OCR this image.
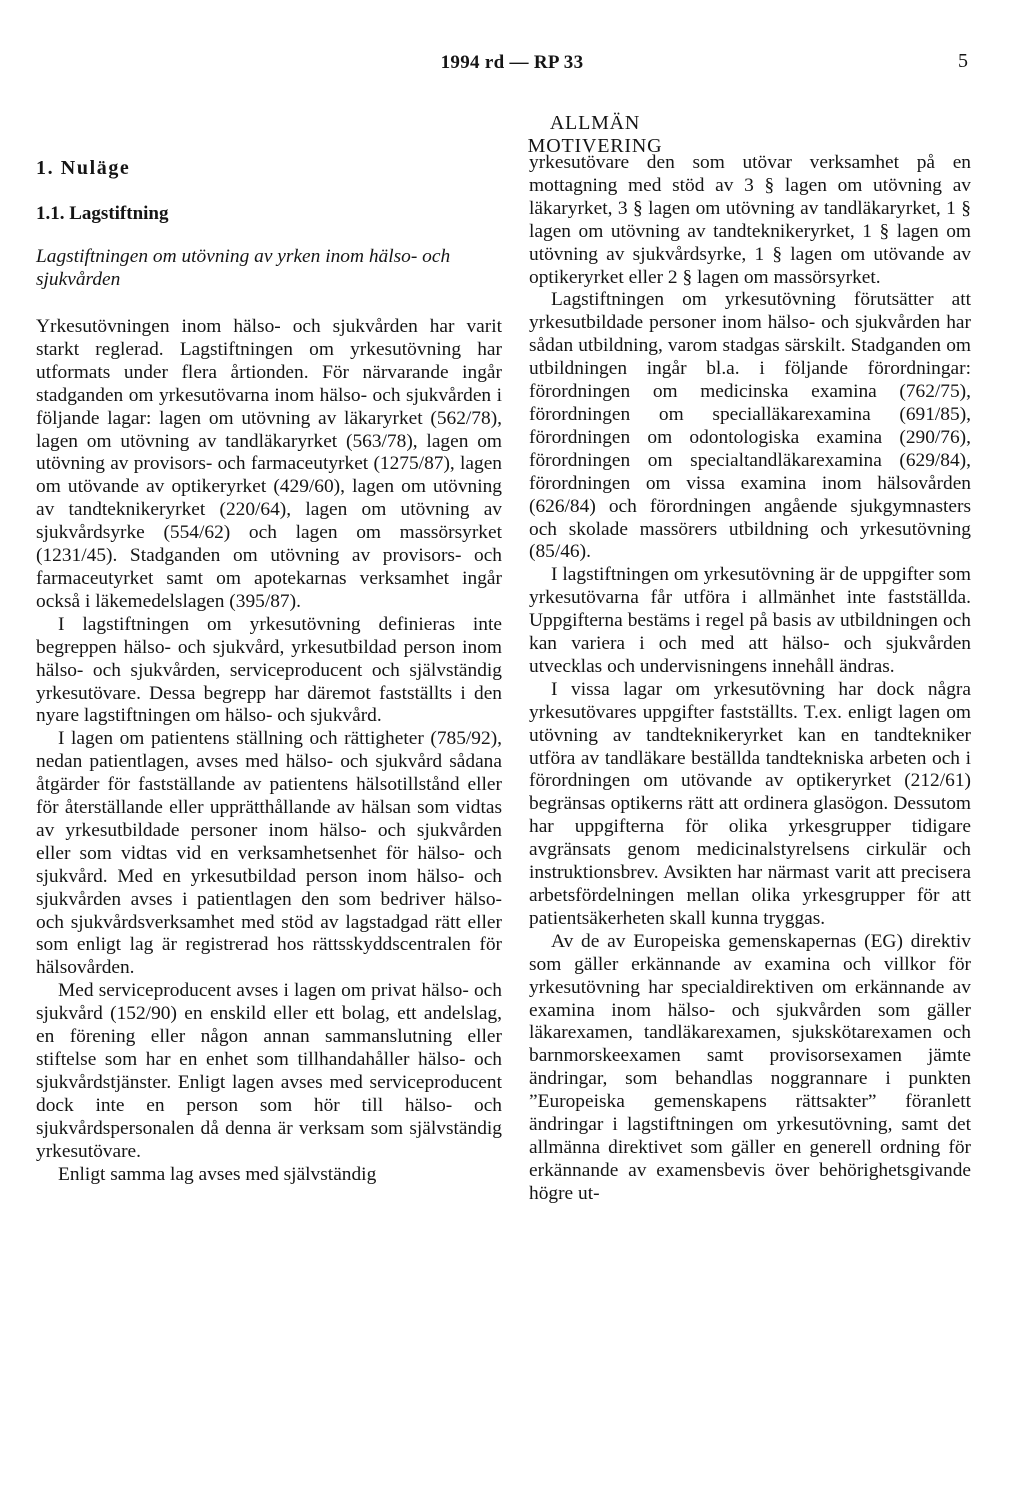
1994 rd — RP 33	5
ALLMÄN MOTIVERING
1. Nuläge
1.1. Lagstiftning
Lagstiftningen om utövning av yrken inom hälso- och sjukvården

Yrkesutövningen inom hälso- och sjukvården har varit starkt reglerad. Lagstiftningen om yrkesutövning har utformats under flera årtionden. För närvarande ingår stadganden om yrkesutövarna inom hälso- och sjukvården i följande lagar: lagen om utövning av läkaryrket (562/78), lagen om utövning av tandläkaryrket (563/78), lagen om utövning av provisors- och farmaceutyrket (1275/87), lagen om utövande av optikeryrket (429/60), lagen om utövning av tandteknikeryrket (220/64), lagen om utövning av sjukvårdsyrke (554/62) och lagen om massörsyrket (1231/45). Stadganden om utövning av provisors- och farmaceutyrket samt om apotekarnas verksamhet ingår också i läkemedelslagen (395/87).

I lagstiftningen om yrkesutövning definieras inte begreppen hälso- och sjukvård, yrkesutbildad person inom hälso- och sjukvården, serviceproducent och självständig yrkesutövare. Dessa begrepp har däremot fastställts i den nyare lagstiftningen om hälso- och sjukvård.

I lagen om patientens ställning och rättigheter (785/92), nedan patientlagen, avses med hälso- och sjukvård sådana åtgärder för fastställande av patientens hälsotillstånd eller för återställande eller upprätthållande av hälsan som vidtas av yrkesutbildade personer inom hälso- och sjukvården eller som vidtas vid en verksamhetsenhet för hälso- och sjukvård. Med en yrkesutbildad person inom hälso- och sjukvården avses i patientlagen den som bedriver hälso- och sjukvårdsverksamhet med stöd av lagstadgad rätt eller som enligt lag är registrerad hos rättsskyddscentralen för hälsovården.

Med serviceproducent avses i lagen om privat hälso- och sjukvård (152/90) en enskild eller ett bolag, ett andelslag, en förening eller någon annan sammanslutning eller stiftelse som har en enhet som tillhandahåller hälso- och sjukvårdstjänster. Enligt lagen avses med serviceproducent dock inte en person som hör till hälso- och sjukvårdspersonalen då denna är verksam som självständig yrkesutövare.

Enligt samma lag avses med självständig

yrkesutövare den som utövar verksamhet på en mottagning med stöd av 3 § lagen om utövning av läkaryrket, 3 § lagen om utövning av tandläkaryrket, 1 § lagen om utövning av tandteknikeryrket, 1 § lagen om utövning av sjukvårdsyrke, 1 § lagen om utövande av optikeryrket eller 2 § lagen om massörsyrket.

Lagstiftningen om yrkesutövning förutsätter att yrkesutbildade personer inom hälso- och sjukvården har sådan utbildning, varom stadgas särskilt. Stadganden om utbildningen ingår bl.a. i följande förordningar: förordningen om medicinska examina (762/75), förordningen om specialläkarexamina (691/85), förordningen om odontologiska examina (290/76), förordningen om specialtandläkarexamina (629/84), förordningen om vissa examina inom hälsovården (626/84) och förordningen angående sjukgymnasters och skolade massörers utbildning och yrkesutövning (85/46).

I lagstiftningen om yrkesutövning är de uppgifter som yrkesutövarna får utföra i allmänhet inte fastställda. Uppgifterna bestäms i regel på basis av utbildningen och kan variera i och med att hälso- och sjukvården utvecklas och undervisningens innehåll ändras.

I vissa lagar om yrkesutövning har dock några yrkesutövares uppgifter fastställts. T.ex. enligt lagen om utövning av tandteknikeryrket kan en tandtekniker utföra av tandläkare beställda tandtekniska arbeten och i förordningen om utövande av optikeryrket (212/61) begränsas optikerns rätt att ordinera glasögon. Dessutom har uppgifterna för olika yrkesgrupper tidigare avgränsats genom medicinalstyrelsens cirkulär och instruktionsbrev. Avsikten har närmast varit att precisera arbetsfördelningen mellan olika yrkesgrupper för att patientsäkerheten skall kunna tryggas.

Av de av Europeiska gemenskapernas (EG) direktiv som gäller erkännande av examina och villkor för yrkesutövning har specialdirektiven om erkännande av examina inom hälso- och sjukvården som gäller läkarexamen, tandläkarexamen, sjukskötarexamen och barnmorskeexamen samt provisorsexamen jämte ändringar, som behandlas noggrannare i punkten ”Europeiska gemenskapens rättsakter” föranlett ändringar i lagstiftningen om yrkesutövning, samt det allmänna direktivet som gäller en generell ordning för erkännande av examensbevis över behörighetsgivande högre ut-
